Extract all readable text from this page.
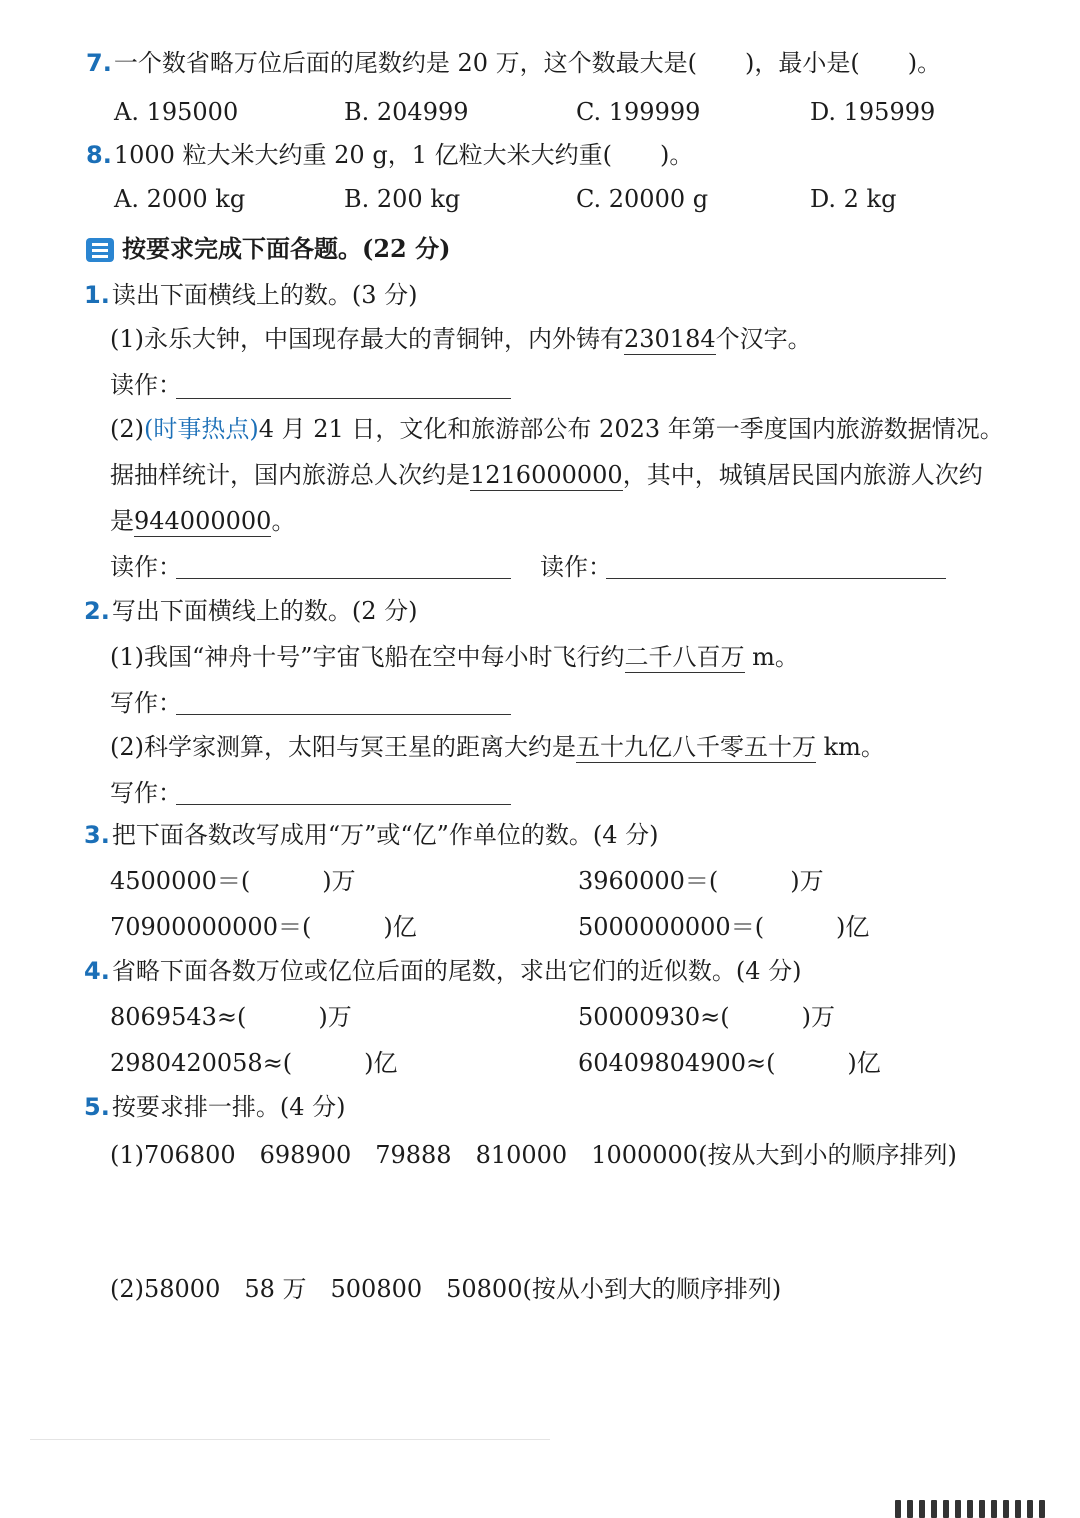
7.一个数省略万位后面的尾数约是 20 万，这个数最大是(　　)，最小是(　　)。
A. 195000	B. 204999	C. 199999	D. 195999
8.1000 粒大米大约重 20 g，1 亿粒大米大约重(　　)。
A. 2000 kg	B. 200 kg	C. 20000 g	D. 2 kg
按要求完成下面各题。(22 分)
1.读出下面横线上的数。(3 分)
(1)永乐大钟，中国现存最大的青铜钟，内外铸有230184个汉字。
读作：
(2)(时事热点)4 月 21 日，文化和旅游部公布 2023 年第一季度国内旅游数据情况。
据抽样统计，国内旅游总人次约是1216000000，其中，城镇居民国内旅游人次约
是944000000。
读作：	读作：
2.写出下面横线上的数。(2 分)
(1)我国“神舟十号”宇宙飞船在空中每小时飞行约二千八百万 m。
写作：
(2)科学家测算，太阳与冥王星的距离大约是五十九亿八千零五十万 km。
写作：
3.把下面各数改写成用“万”或“亿”作单位的数。(4 分)
4500000＝(　　　)万	3960000＝(　　　)万
70900000000＝(　　　)亿	5000000000＝(　　　)亿
4.省略下面各数万位或亿位后面的尾数，求出它们的近似数。(4 分)
8069543≈(　　　)万	50000930≈(　　　)万
2980420058≈(　　　)亿	60409804900≈(　　　)亿
5.按要求排一排。(4 分)
(1)706800　698900　79888　810000　1000000(按从大到小的顺序排列)
(2)58000　58 万　500800　50800(按从小到大的顺序排列)
